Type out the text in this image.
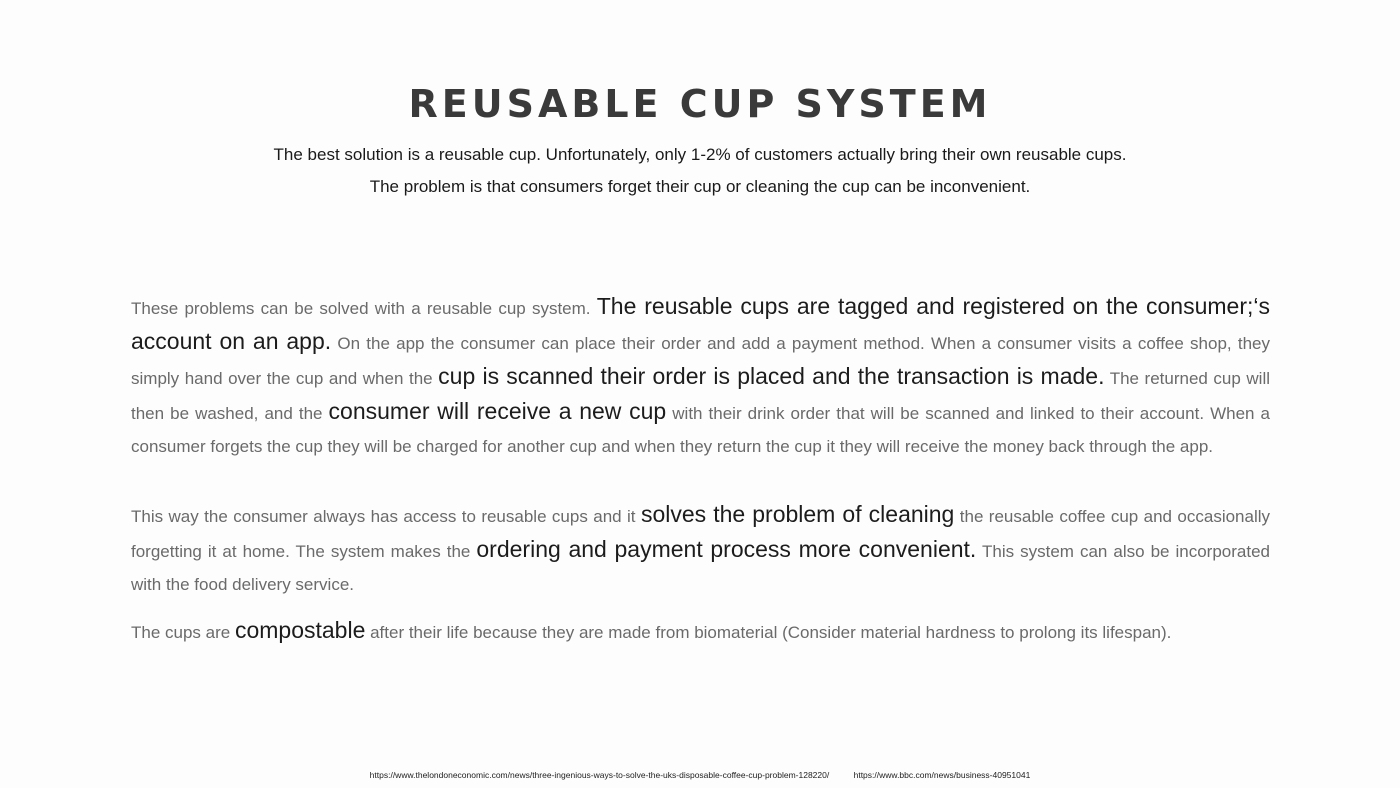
REUSABLE CUP SYSTEM

The best solution is a reusable cup. Unfortunately, only 1-2% of customers actually bring their own reusable cups.

The problem is that consumers forget their cup or cleaning the cup can be inconvenient.

These problems can be solved with a reusable cup system. The reusable cups are tagged and registered on the consumer;‘s account on an app. On the app the consumer can place their order and add a payment method. When a consumer visits a coffee shop, they simply hand over the cup and when the cup is scanned their order is placed and the transaction is made. The returned cup will then be washed, and the consumer will receive a new cup with their drink order that will be scanned and linked to their account. When a consumer forgets the cup they will be charged for another cup and when they return the cup it they will receive the money back through the app.

This way the consumer always has access to reusable cups and it solves the problem of cleaning the reusable coffee cup and occasionally forgetting it at home. The system makes the ordering and payment process more convenient. This system can also be incorporated with the food delivery service.

The cups are compostable after their life because they are made from biomaterial (Consider material hardness to prolong its lifespan).

https://www.thelondoneconomic.com/news/three-ingenious-ways-to-solve-the-uks-disposable-coffee-cup-problem-128220/	https://www.bbc.com/news/business-40951041
